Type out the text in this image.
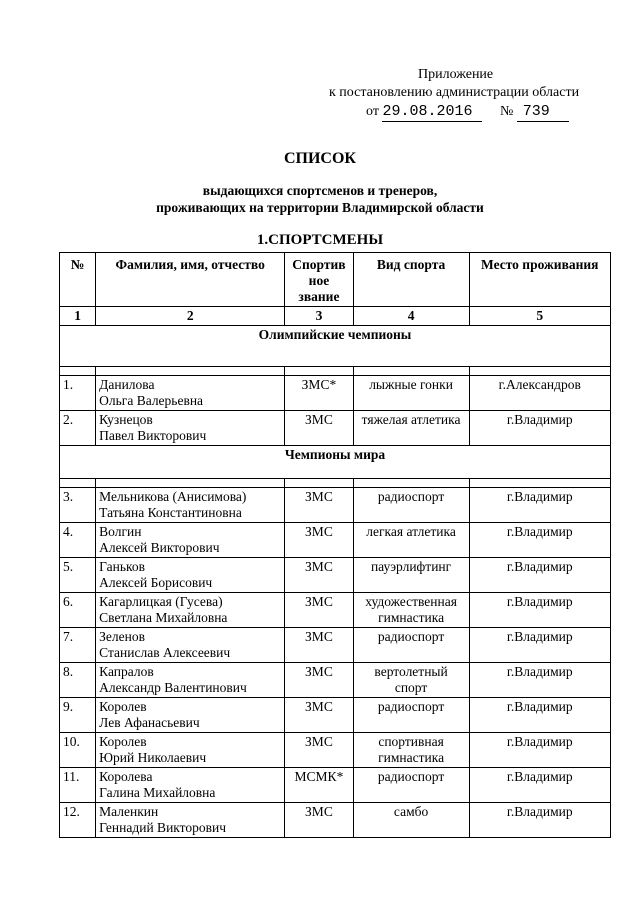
Приложение
к постановлению администрации области
от 29.08.2016 № 739
СПИСОК
выдающихся спортсменов и тренеров,
проживающих на территории Владимирской области
1.СПОРТСМЕНЫ
№	Фамилия, имя, отчество	Спортив
ное
звание	Вид спорта	Место проживания
1	2	3	4	5
Олимпийские чемпионы				

1.	Данилова
Ольга Валерьевна	ЗМС*	лыжные гонки	г.Александров
2.	Кузнецов
Павел Викторович	ЗМС	тяжелая атлетика	г.Владимир
Чемпионы мира				

3.	Мельникова (Анисимова)
Татьяна Константиновна	ЗМС	радиоспорт	г.Владимир
4.	Волгин
Алексей Викторович	ЗМС	легкая атлетика	г.Владимир
5.	Ганьков
Алексей Борисович	ЗМС	пауэрлифтинг	г.Владимир
6.	Кагарлицкая (Гусева)
Светлана Михайловна	ЗМС	художественная гимнастика	г.Владимир
7.	Зеленов
Станислав Алексеевич	ЗМС	радиоспорт	г.Владимир
8.	Капралов
Александр Валентинович	ЗМС	вертолетный спорт	г.Владимир
9.	Королев
Лев Афанасьевич	ЗМС	радиоспорт	г.Владимир
10.	Королев
Юрий Николаевич	ЗМС	спортивная гимнастика	г.Владимир
11.	Королева
Галина Михайловна	МСМК*	радиоспорт	г.Владимир
12.	Маленкин
Геннадий Викторович	ЗМС	самбо	г.Владимир
